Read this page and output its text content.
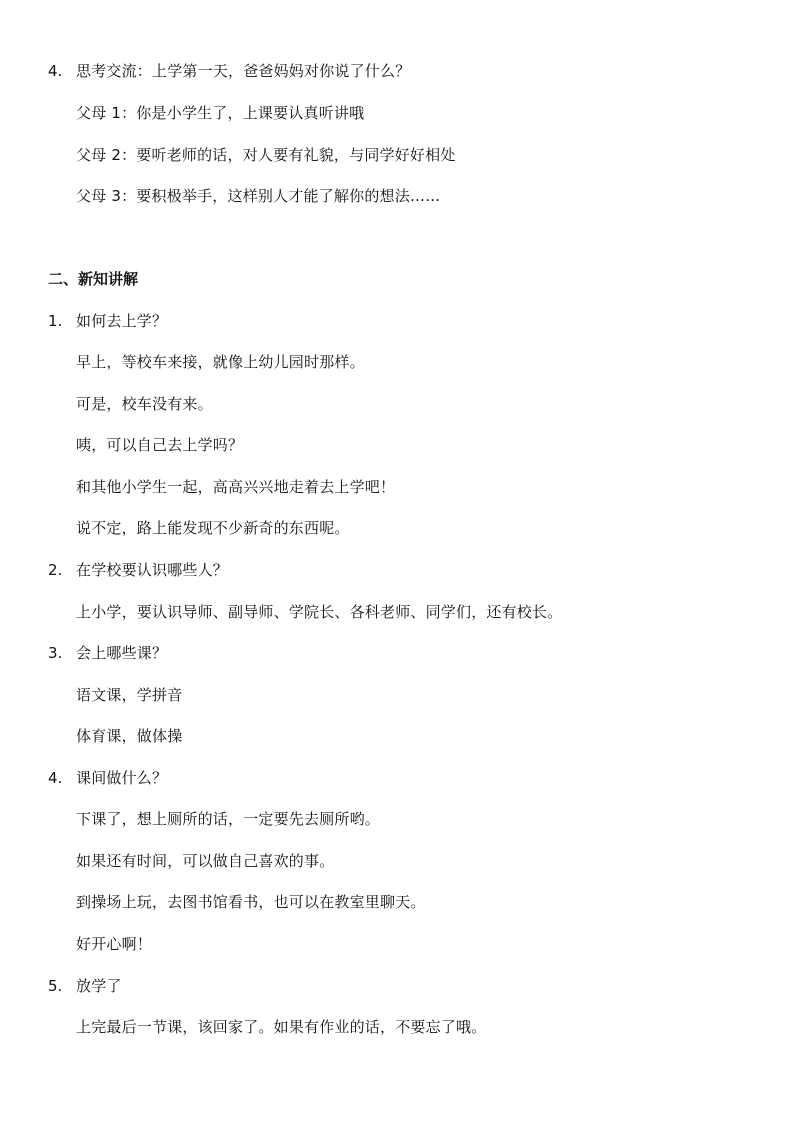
4. 思考交流：上学第一天，爸爸妈妈对你说了什么？
父母 1：你是小学生了，上课要认真听讲哦
父母 2：要听老师的话，对人要有礼貌，与同学好好相处
父母 3：要积极举手，这样别人才能了解你的想法……
二、新知讲解
1. 如何去上学？
早上，等校车来接，就像上幼儿园时那样。
可是，校车没有来。
咦，可以自己去上学吗？
和其他小学生一起，高高兴兴地走着去上学吧！
说不定，路上能发现不少新奇的东西呢。
2. 在学校要认识哪些人？
上小学，要认识导师、副导师、学院长、各科老师、同学们，还有校长。
3. 会上哪些课？
语文课，学拼音
体育课，做体操
4. 课间做什么？
下课了，想上厕所的话，一定要先去厕所哟。
如果还有时间，可以做自己喜欢的事。
到操场上玩，去图书馆看书，也可以在教室里聊天。
好开心啊！
5. 放学了
上完最后一节课，该回家了。如果有作业的话，不要忘了哦。
